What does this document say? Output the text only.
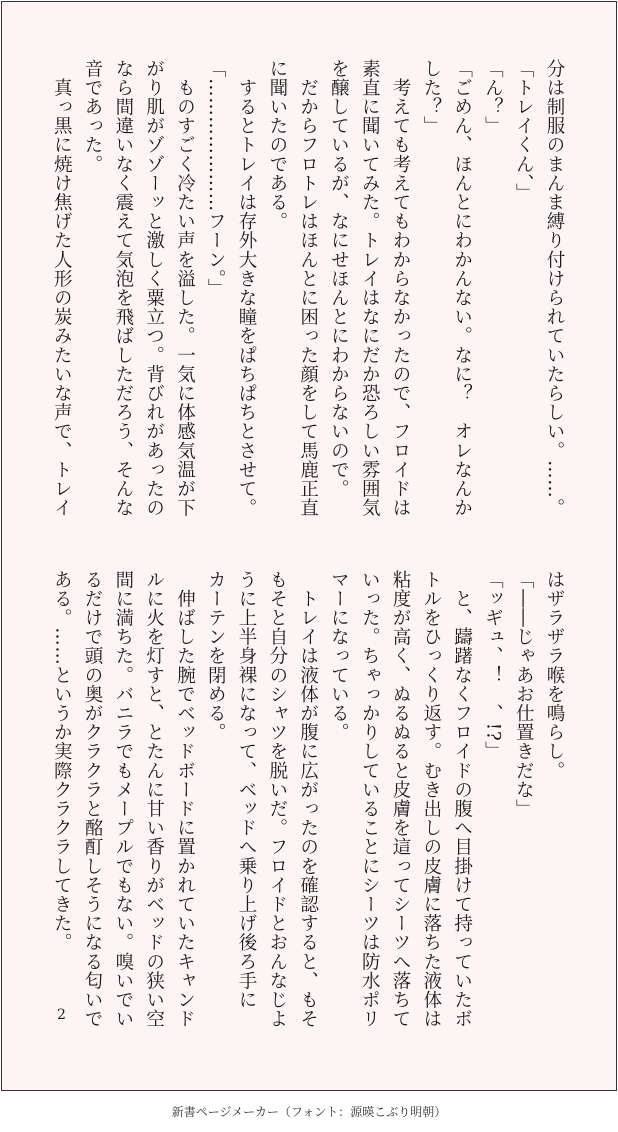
分は制服のまんま縛り付けられていたらしい。……。
「トレイくん、」
「ん？」
「ごめん、ほんとにわかんない。なに？　オレなんか
した？」
　考えても考えてもわからなかったので、フロイドは
素直に聞いてみた。トレイはなにだか恐ろしい雰囲気
を醸しているが、なにせほんとにわからないので。
　だからフロトレはほんとに困った顔をして馬鹿正直
に聞いたのである。
　するとトレイは存外大きな瞳をぱちぱちとさせて。
「…………………フーン。」
　ものすごく冷たい声を溢した。一気に体感気温が下
がり肌がゾゾーッと激しく粟立つ。背びれがあったの
なら間違いなく震えて気泡を飛ばしただろう、そんな
音であった。
　真っ黒に焼け焦げた人形の炭みたいな声で、トレイ
はザラザラ喉を鳴らし。
「――じゃあお仕置きだな」
「ッギュ、！　、!?」
　と、躊躇なくフロイドの腹へ目掛けて持っていたボ
トルをひっくり返す。むき出しの皮膚に落ちた液体は
粘度が高く、ぬるぬると皮膚を這ってシーツへ落ちて
いった。ちゃっかりしていることにシーツは防水ポリ
マーになっている。
　トレイは液体が腹に広がったのを確認すると、もそ
もそと自分のシャツを脱いだ。フロイドとおんなじよ
うに上半身裸になって、ベッドへ乗り上げ後ろ手に
カーテンを閉める。
　伸ばした腕でベッドボードに置かれていたキャンド
ルに火を灯すと、とたんに甘い香りがベッドの狭い空
間に満ちた。バニラでもメープルでもない。嗅いでい
るだけで頭の奥がクラクラと酩酊しそうになる匂いで
ある。……というか実際クラクラしてきた。
2
新書ページメーカー（フォント：源暎こぶり明朝）
